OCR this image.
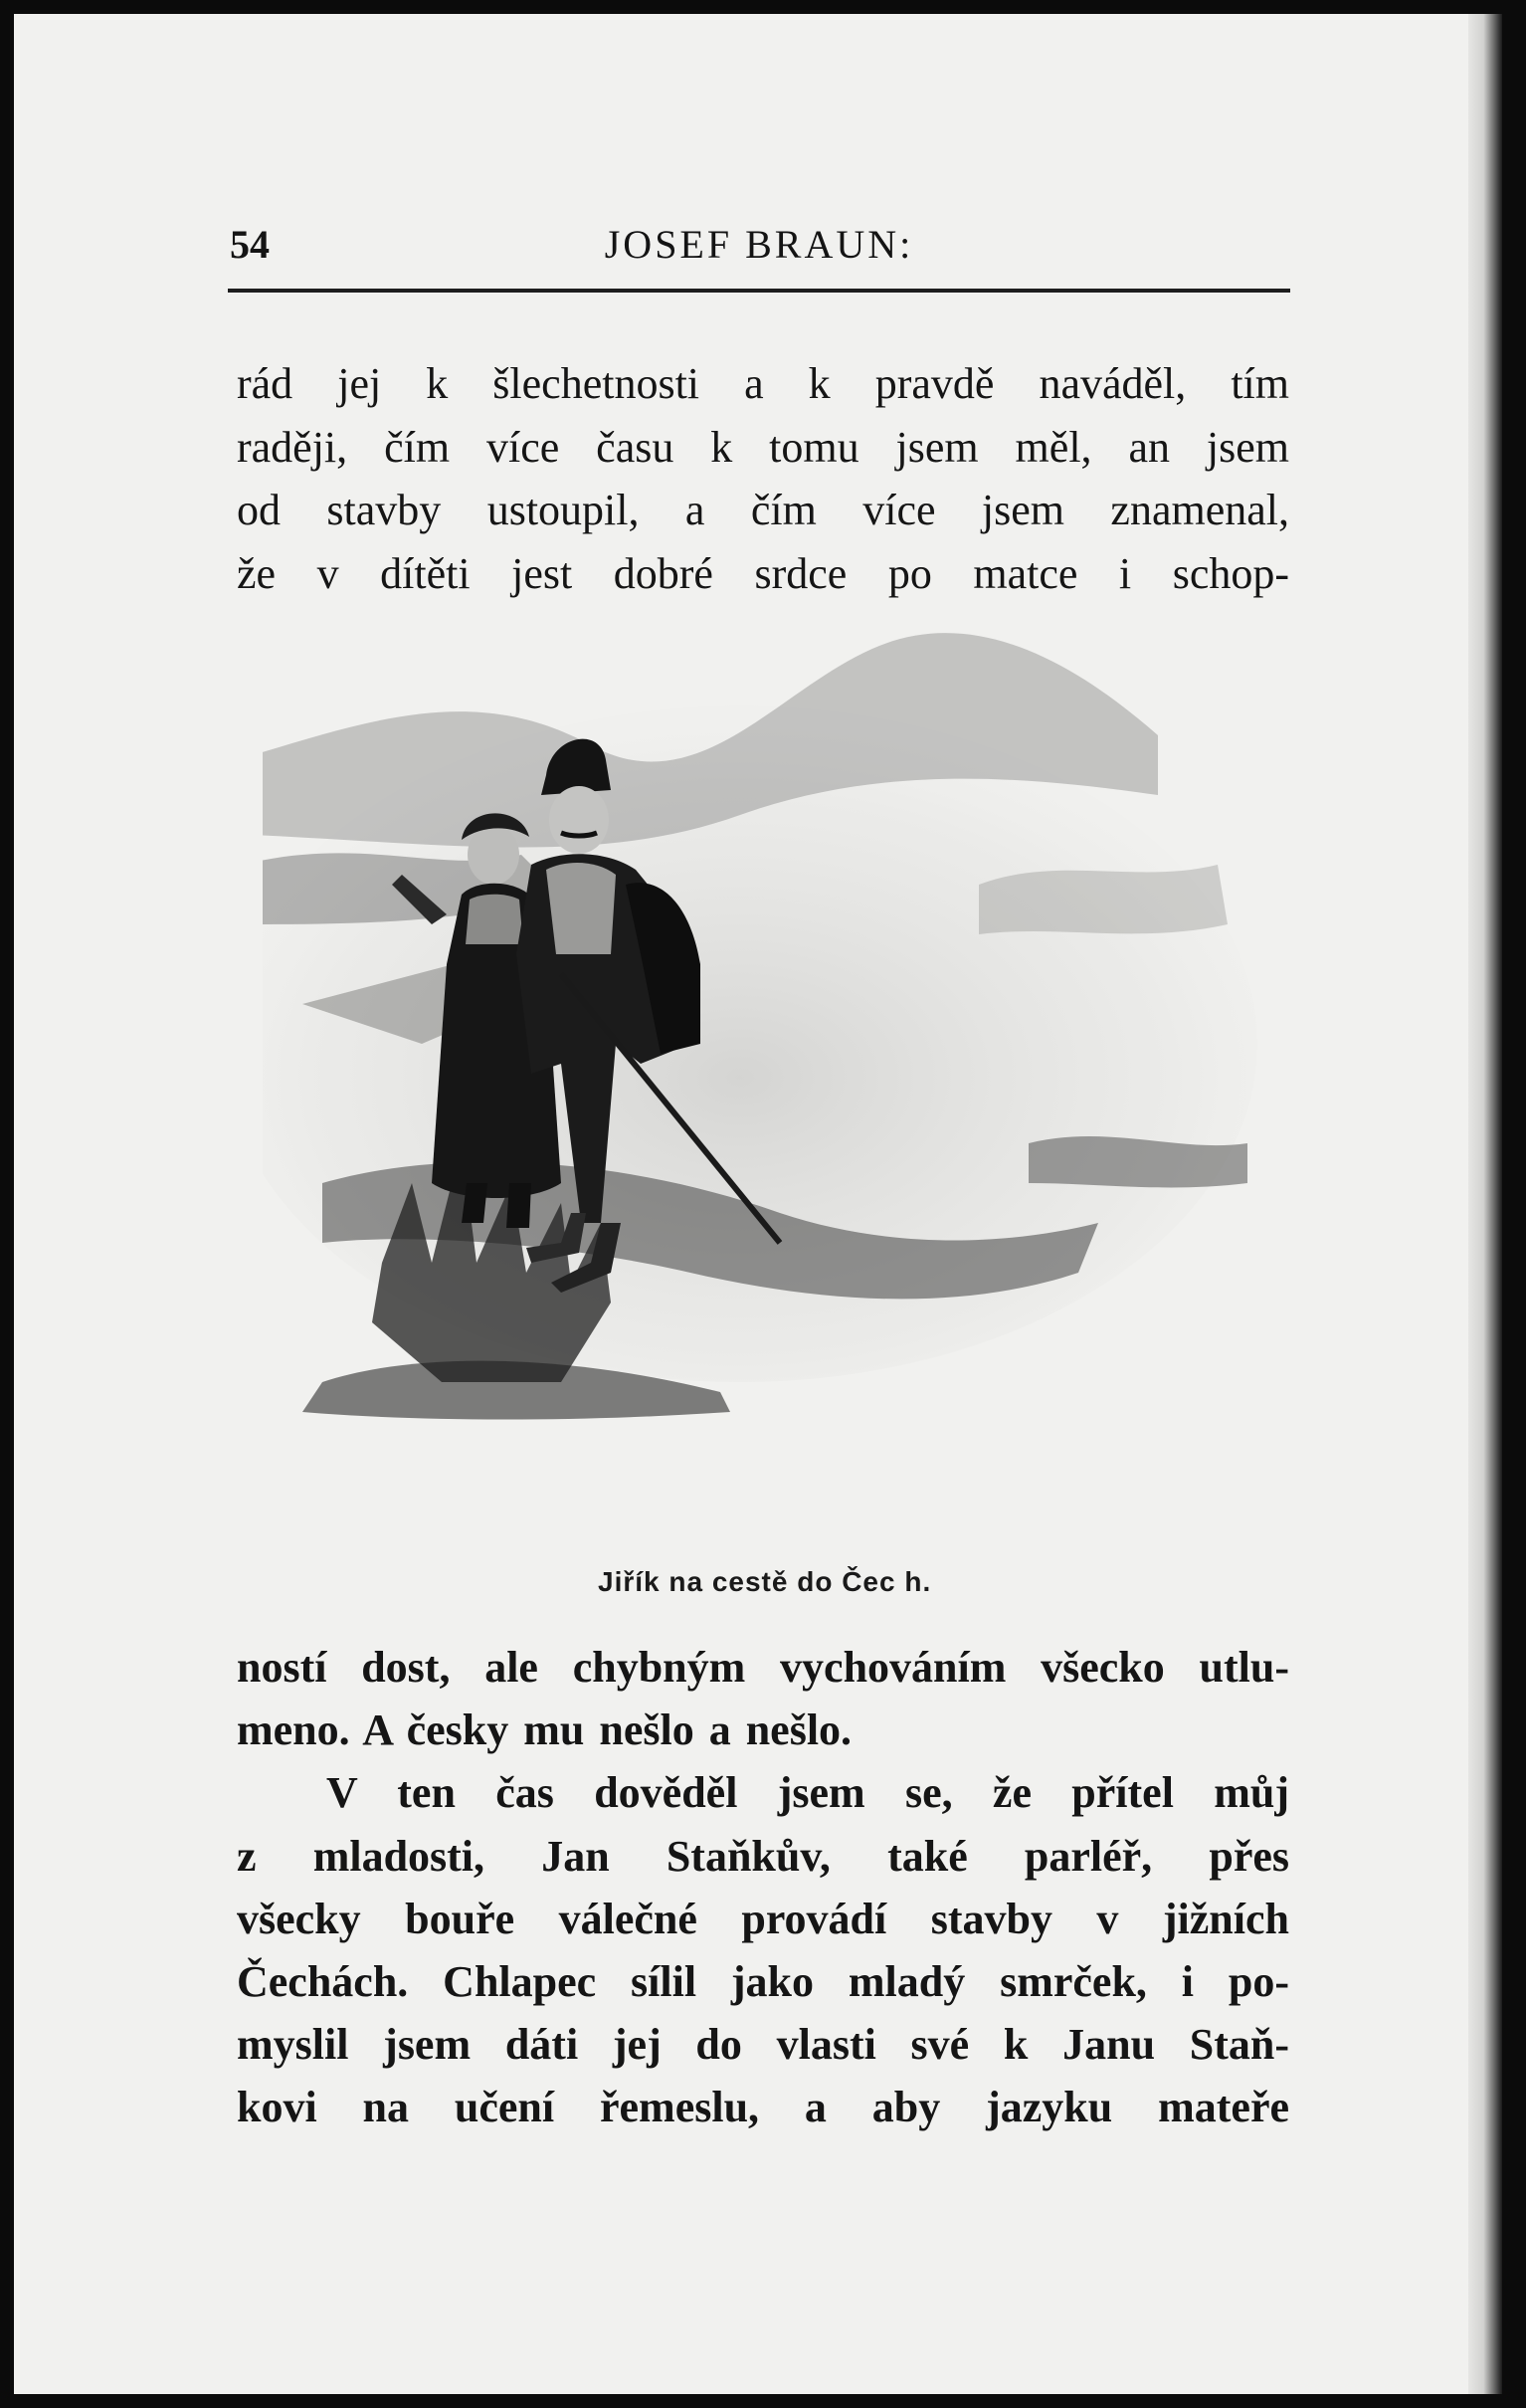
54	JOSEF BRAUN:
rád jej k šlechetnosti a k pravdě naváděl, tím
raději, čím více času k tomu jsem měl, an jsem
od stavby ustoupil, a čím více jsem znamenal,
že v dítěti jest dobré srdce po matce i schop-
Jiřík na cestě do Čec h.
ností dost, ale chybným vychováním všecko utlu-
meno. A česky mu nešlo a nešlo.
V ten čas dověděl jsem se, že přítel můj
z mladosti, Jan Staňkův, také parléř, přes
všecky bouře válečné provádí stavby v jižních
Čechách. Chlapec sílil jako mladý smrček, i po-
myslil jsem dáti jej do vlasti své k Janu Staň-
kovi na učení řemeslu, a aby jazyku mateře
